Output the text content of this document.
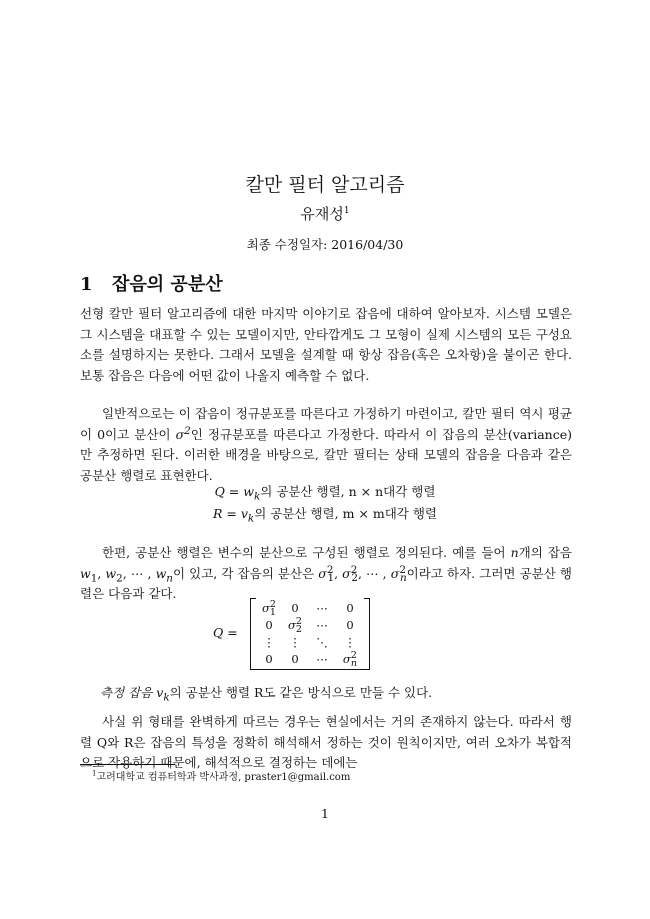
칼만 필터 알고리즘
유재성$^1$
최종 수정일자: 2016/04/30
1 잡음의 공분산
선형 칼만 필터 알고리즘에 대한 마지막 이야기로 잡음에 대하여 알아보자. 시스템 모델은 그 시스템을 대표할 수 있는 모델이지만, 안타깝게도 그 모형이 실제 시스템의 모든 구성요소를 설명하지는 못한다. 그래서 모델을 설계할 때 항상 잡음(혹은 오차항)을 붙이곤 한다. 보통 잡음은 다음에 어떤 값이 나올지 예측할 수 없다.
일반적으로는 이 잡음이 정규분포를 따른다고 가정하기 마련이고, 칼만 필터 역시 평균이 0이고 분산이 $\sigma^2$인 정규분포를 따른다고 가정한다. 따라서 이 잡음의 분산(variance)만 추정하면 된다. 이러한 배경을 바탕으로, 칼만 필터는 상태 모델의 잡음을 다음과 같은 공분산 행렬로 표현한다.
$Q = w_k$의 공분산 행렬, n × n대각 행렬
$R = v_k$의 공분산 행렬, m × m대각 행렬
한편, 공분산 행렬은 변수의 분산으로 구성된 행렬로 정의된다. 예를 들어 n개의 잡음$w_1$, $w_2$, ⋯ , $w_n$이 있고, 각 잡음의 분산은 $\sigma^2_1$, $\sigma^2_2$, ⋯ , $\sigma^2_n$이라고 하자. 그러면 공분산 행렬은 다음과 같다.
Q =
$\sigma^2_1$	0	⋯	0
0	$\sigma^2_2$	⋯	0
⋮	⋮	⋱	⋮
0	0	⋯	$\sigma^2_n$
측정 잡음 $v_k$의 공분산 행렬 R도 같은 방식으로 만들 수 있다.
사실 위 형태를 완벽하게 따르는 경우는 현실에서는 거의 존재하지 않는다. 따라서 행렬 Q와 R은 잡음의 특성을 정확히 해석해서 정하는 것이 원칙이지만, 여러 오차가 복합적으로 작용하기 때문에, 해석적으로 결정하는 데에는
$^1$고려대학교 컴퓨터학과 박사과정, praster1@gmail.com
1
